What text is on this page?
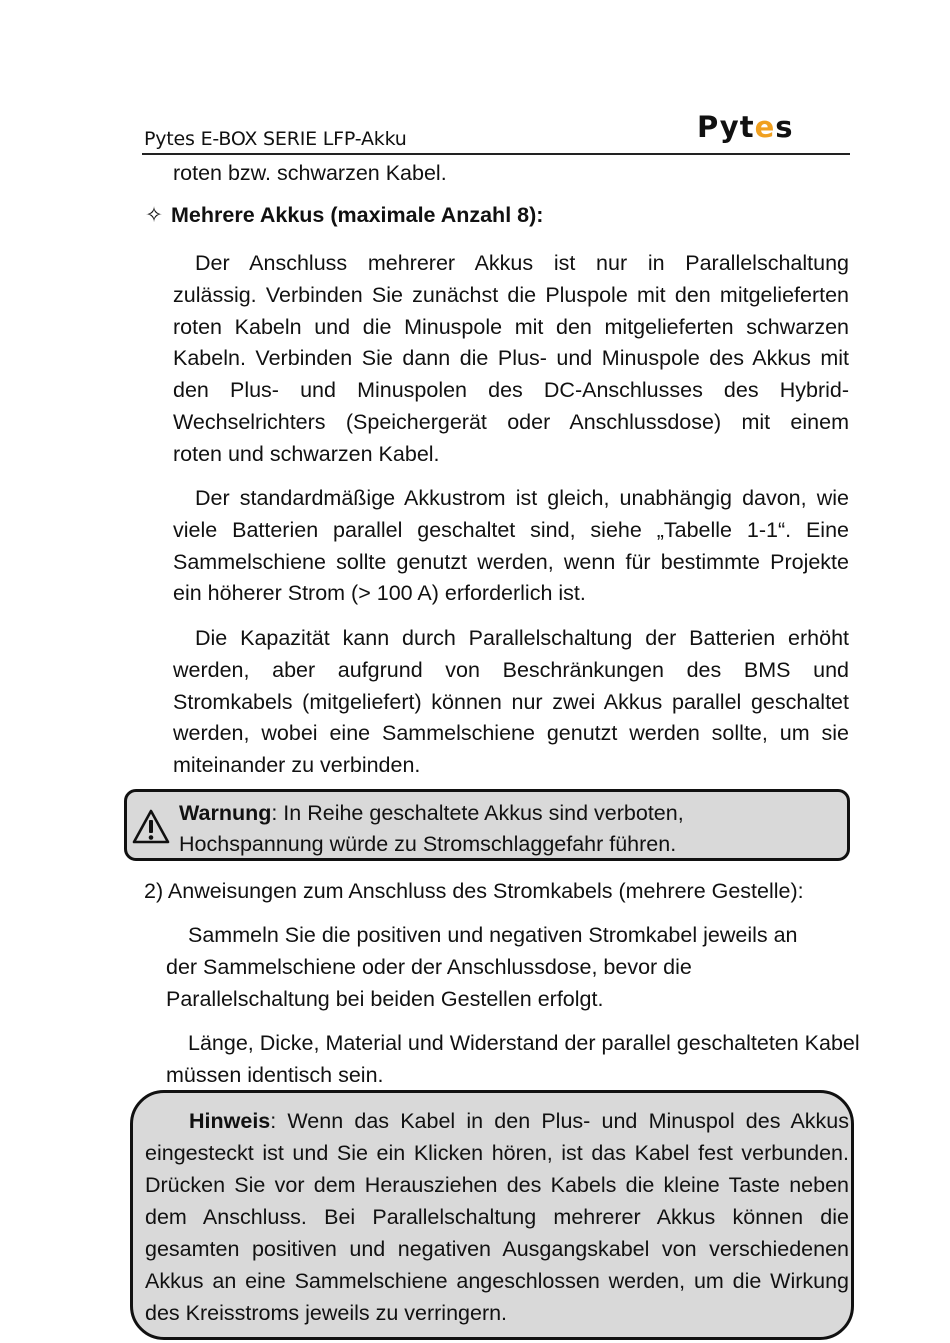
Pytes E-BOX SERIE LFP-Akku	Pytes
roten bzw. schwarzen Kabel.
✧ Mehrere Akkus (maximale Anzahl 8):
Der Anschluss mehrerer Akkus ist nur in Parallelschaltung
zulässig. Verbinden Sie zunächst die Pluspole mit den mitgelieferten
roten Kabeln und die Minuspole mit den mitgelieferten schwarzen
Kabeln. Verbinden Sie dann die Plus- und Minuspole des Akkus mit
den Plus- und Minuspolen des DC-Anschlusses des Hybrid-
Wechselrichters (Speichergerät oder Anschlussdose) mit einem
roten und schwarzen Kabel.
Der standardmäßige Akkustrom ist gleich, unabhängig davon, wie
viele Batterien parallel geschaltet sind, siehe „Tabelle 1-1“. Eine
Sammelschiene sollte genutzt werden, wenn für bestimmte Projekte
ein höherer Strom (> 100 A) erforderlich ist.
Die Kapazität kann durch Parallelschaltung der Batterien erhöht
werden, aber aufgrund von Beschränkungen des BMS und
Stromkabels (mitgeliefert) können nur zwei Akkus parallel geschaltet
werden, wobei eine Sammelschiene genutzt werden sollte, um sie
miteinander zu verbinden.
Warnung: In Reihe geschaltete Akkus sind verboten,
Hochspannung würde zu Stromschlaggefahr führen.
2) Anweisungen zum Anschluss des Stromkabels (mehrere Gestelle):
Sammeln Sie die positiven und negativen Stromkabel jeweils an
der Sammelschiene oder der Anschlussdose, bevor die
Parallelschaltung bei beiden Gestellen erfolgt.
Länge, Dicke, Material und Widerstand der parallel geschalteten Kabel
müssen identisch sein.
Hinweis: Wenn das Kabel in den Plus- und Minuspol des Akkus eingesteckt ist und Sie ein Klicken hören, ist das Kabel fest verbunden. Drücken Sie vor dem Herausziehen des Kabels die kleine Taste neben dem Anschluss. Bei Parallelschaltung mehrerer Akkus können die gesamten positiven und negativen Ausgangskabel von verschiedenen Akkus an eine Sammelschiene angeschlossen werden, um die Wirkung des Kreisstroms jeweils zu verringern.
